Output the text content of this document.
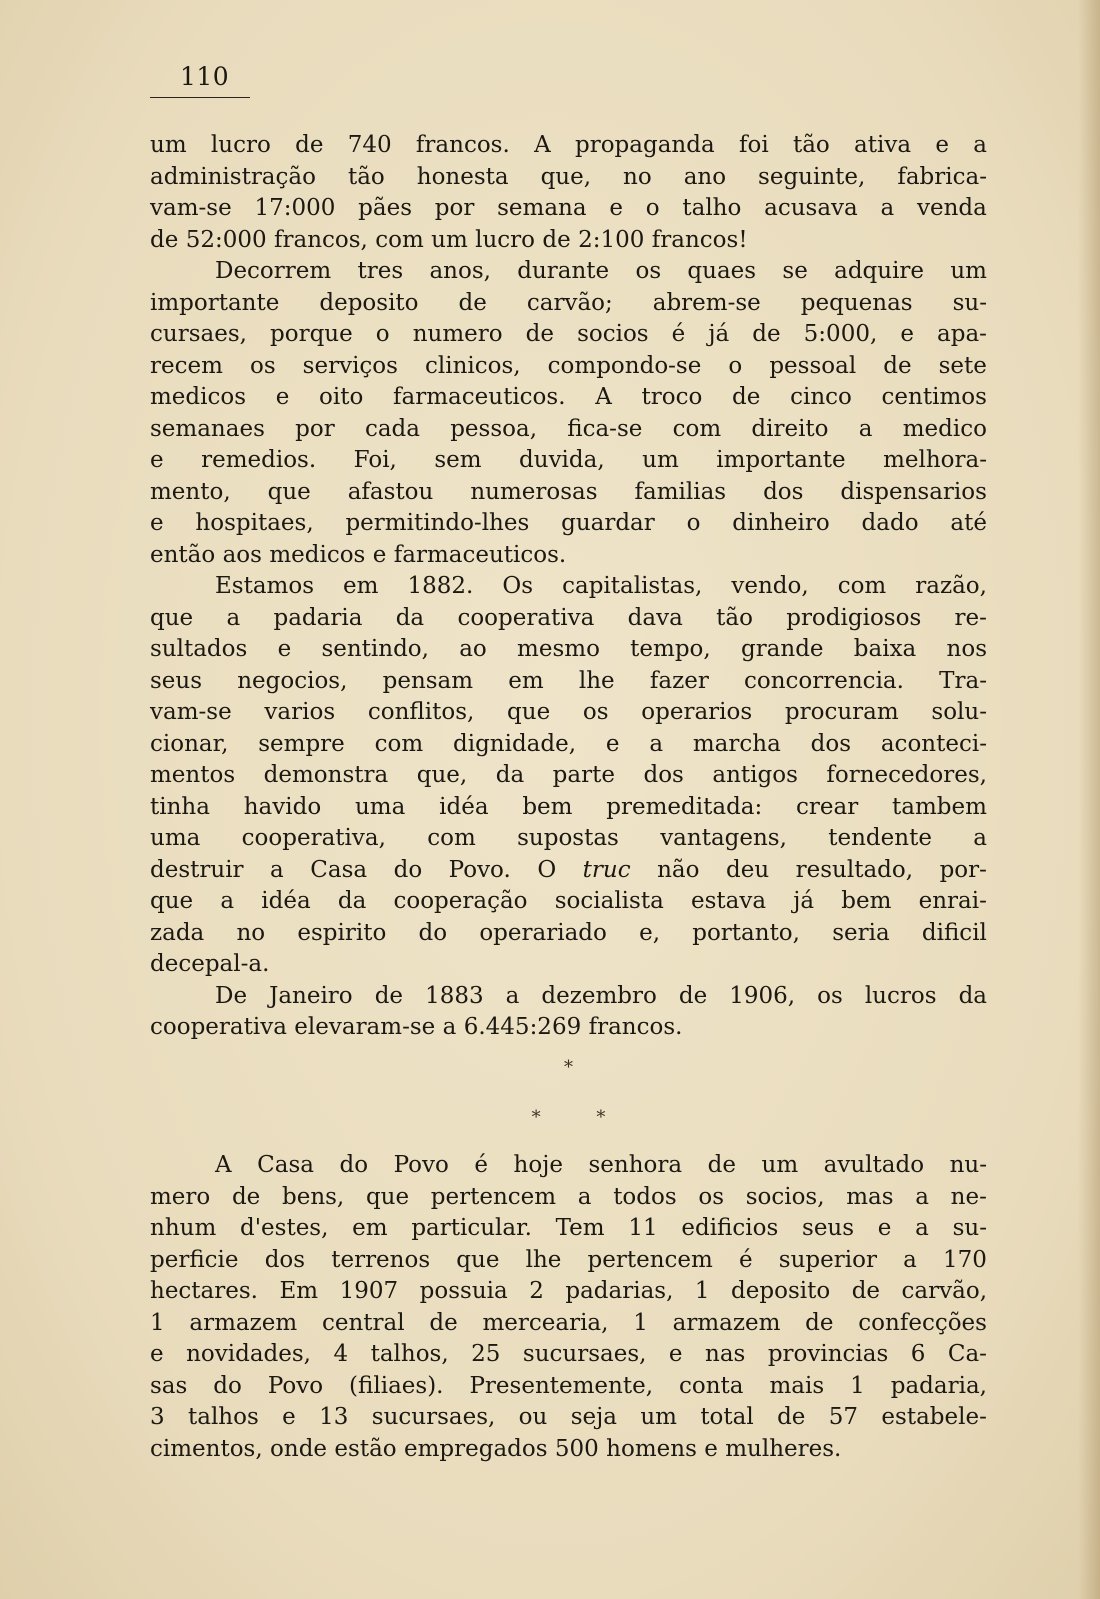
110
um lucro de 740 francos. A propaganda foi tão ativa e a
administração tão honesta que, no ano seguinte, fabrica-
vam-se 17:000 pães por semana e o talho acusava a venda
de 52:000 francos, com um lucro de 2:100 francos!
Decorrem tres anos, durante os quaes se adquire um
importante deposito de carvão; abrem-se pequenas su-
cursaes, porque o numero de socios é já de 5:000, e apa-
recem os serviços clinicos, compondo-se o pessoal de sete
medicos e oito farmaceuticos. A troco de cinco centimos
semanaes por cada pessoa, fica-se com direito a medico
e remedios. Foi, sem duvida, um importante melhora-
mento, que afastou numerosas familias dos dispensarios
e hospitaes, permitindo-lhes guardar o dinheiro dado até
então aos medicos e farmaceuticos.
Estamos em 1882. Os capitalistas, vendo, com razão,
que a padaria da cooperativa dava tão prodigiosos re-
sultados e sentindo, ao mesmo tempo, grande baixa nos
seus negocios, pensam em lhe fazer concorrencia. Tra-
vam-se varios conflitos, que os operarios procuram solu-
cionar, sempre com dignidade, e a marcha dos aconteci-
mentos demonstra que, da parte dos antigos fornecedores,
tinha havido uma idéa bem premeditada: crear tambem
uma cooperativa, com supostas vantagens, tendente a
destruir a Casa do Povo. O truc não deu resultado, por-
que a idéa da cooperação socialista estava já bem enrai-
zada no espirito do operariado e, portanto, seria dificil
decepal-a.
De Janeiro de 1883 a dezembro de 1906, os lucros da
cooperativa elevaram-se a 6.445:269 francos.
*
* *
A Casa do Povo é hoje senhora de um avultado nu-
mero de bens, que pertencem a todos os socios, mas a ne-
nhum d'estes, em particular. Tem 11 edificios seus e a su-
perficie dos terrenos que lhe pertencem é superior a 170
hectares. Em 1907 possuia 2 padarias, 1 deposito de carvão,
1 armazem central de mercearia, 1 armazem de confecções
e novidades, 4 talhos, 25 sucursaes, e nas provincias 6 Ca-
sas do Povo (filiaes). Presentemente, conta mais 1 padaria,
3 talhos e 13 sucursaes, ou seja um total de 57 estabele-
cimentos, onde estão empregados 500 homens e mulheres.
